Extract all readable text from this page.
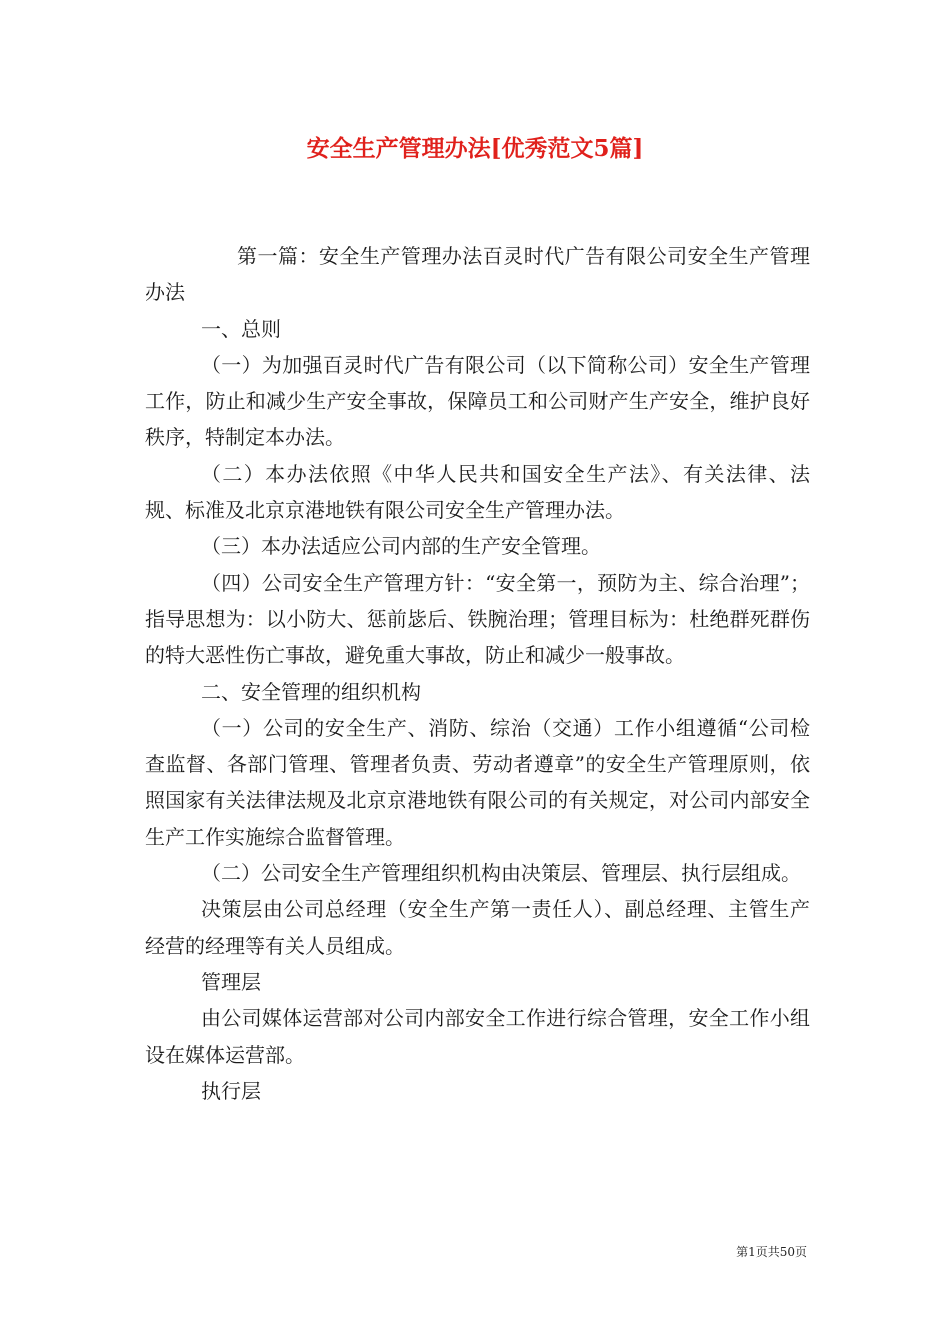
安全生产管理办法[优秀范文5篇]

第一篇：安全生产管理办法百灵时代广告有限公司安全生产管理办法

一、总则

（一）为加强百灵时代广告有限公司（以下简称公司）安全生产管理工作，防止和减少生产安全事故，保障员工和公司财产生产安全，维护良好秩序，特制定本办法。

（二）本办法依照《中华人民共和国安全生产法》、有关法律、法规、标准及北京京港地铁有限公司安全生产管理办法。

（三）本办法适应公司内部的生产安全管理。

（四）公司安全生产管理方针：“安全第一，预防为主、综合治理”；指导思想为：以小防大、惩前毖后、铁腕治理；管理目标为：杜绝群死群伤的特大恶性伤亡事故，避免重大事故，防止和减少一般事故。

二、安全管理的组织机构

（一）公司的安全生产、消防、综治（交通）工作小组遵循“公司检查监督、各部门管理、管理者负责、劳动者遵章”的安全生产管理原则，依照国家有关法律法规及北京京港地铁有限公司的有关规定，对公司内部安全生产工作实施综合监督管理。

（二）公司安全生产管理组织机构由决策层、管理层、执行层组成。

决策层由公司总经理（安全生产第一责任人）、副总经理、主管生产经营的经理等有关人员组成。

管理层

由公司媒体运营部对公司内部安全工作进行综合管理，安全工作小组设在媒体运营部。

执行层

第1页共50页
